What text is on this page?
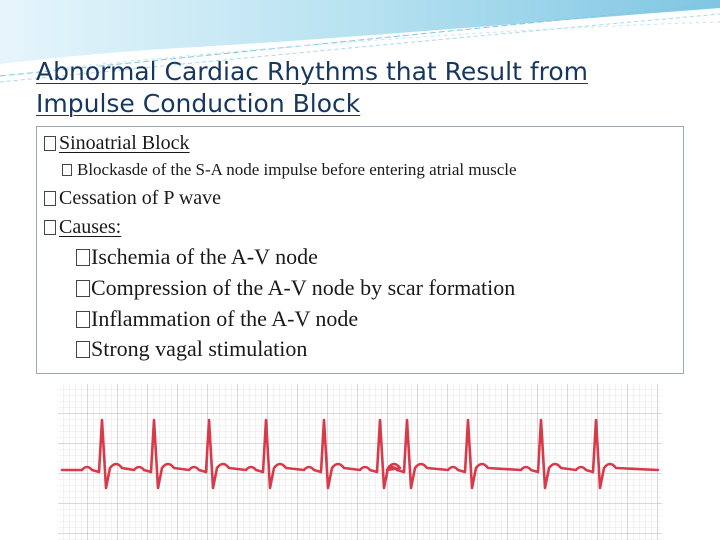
Abnormal Cardiac Rhythms that Result from Impulse Conduction Block
Sinoatrial Block
Blockasde of the S-A node impulse before entering atrial muscle
Cessation of P wave
Causes:
Ischemia of the A-V node
Compression of the A-V node by scar formation
Inflammation of the A-V node
Strong vagal stimulation
